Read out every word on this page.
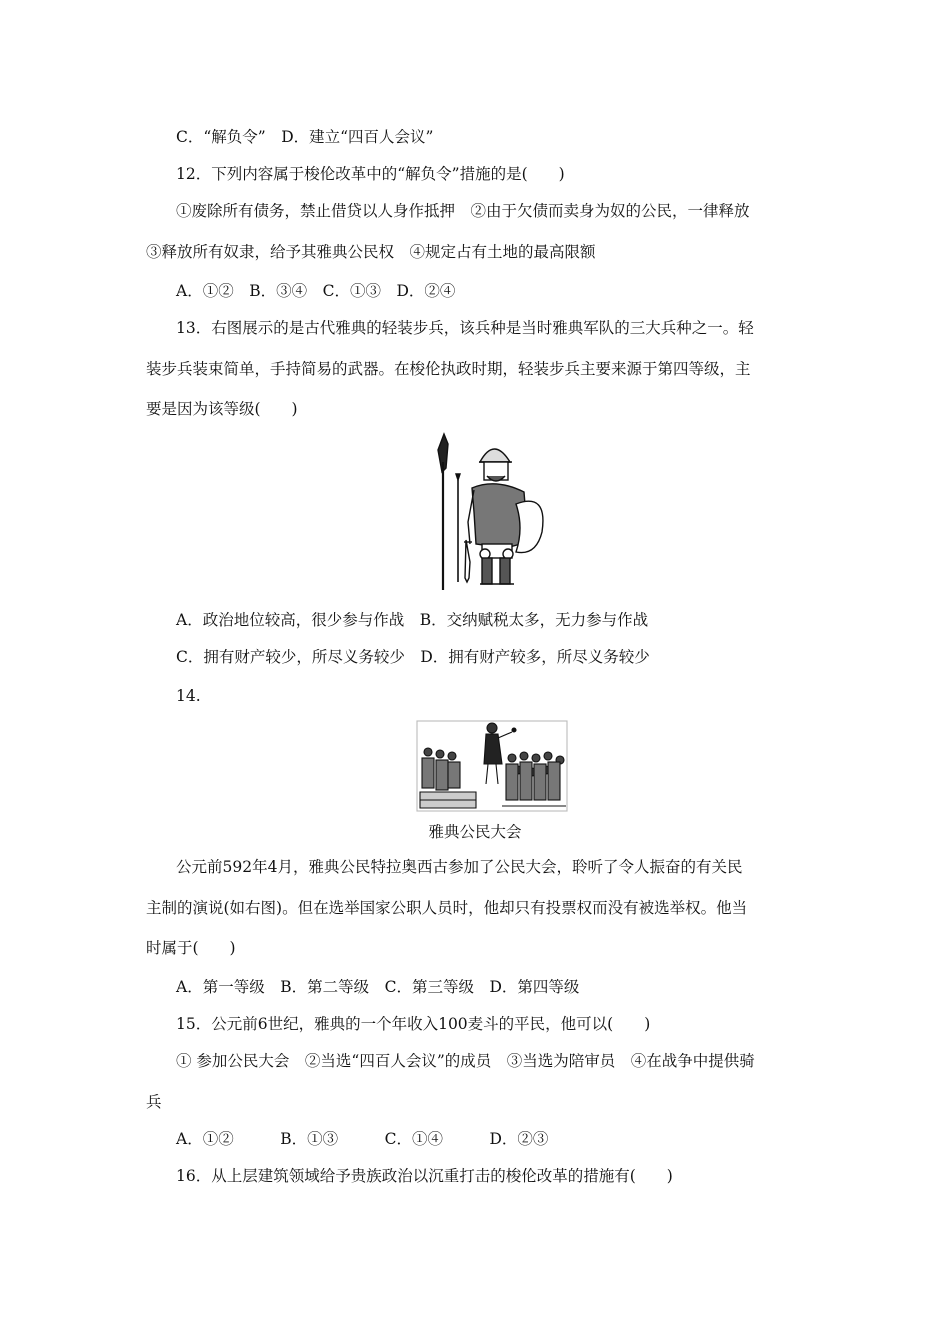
C．“解负令”　D．建立“四百人会议”
12．下列内容属于梭伦改革中的“解负令”措施的是(　　)
①废除所有债务，禁止借贷以人身作抵押　②由于欠债而卖身为奴的公民，一律释放
③释放所有奴隶，给予其雅典公民权　④规定占有土地的最高限额
A．①②　B．③④　C．①③　D．②④
13．右图展示的是古代雅典的轻装步兵，该兵种是当时雅典军队的三大兵种之一。轻
装步兵装束简单，手持简易的武器。在梭伦执政时期，轻装步兵主要来源于第四等级，主
要是因为该等级(　　)
A．政治地位较高，很少参与作战　B．交纳赋税太多，无力参与作战
C．拥有财产较少，所尽义务较少　D．拥有财产较多，所尽义务较少
14.
雅典公民大会
公元前592年4月，雅典公民特拉奥西古参加了公民大会，聆听了令人振奋的有关民
主制的演说(如右图)。但在选举国家公职人员时，他却只有投票权而没有被选举权。他当
时属于(　　)
A．第一等级　B．第二等级　C．第三等级　D．第四等级
15．公元前6世纪，雅典的一个年收入100麦斗的平民，他可以(　　)
① 参加公民大会　②当选“四百人会议”的成员　③当选为陪审员　④在战争中提供骑
兵
A．①②　　　B．①③　　　C．①④　　　D．②③
16．从上层建筑领域给予贵族政治以沉重打击的梭伦改革的措施有(　　)
